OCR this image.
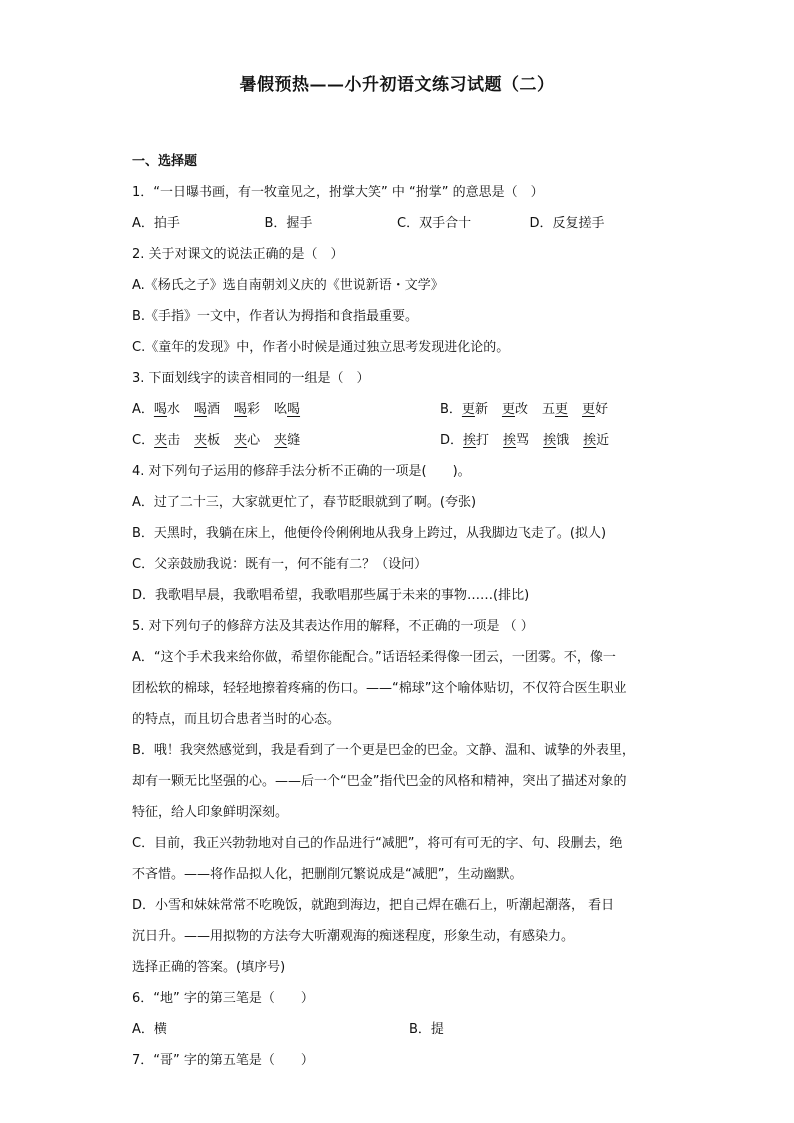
暑假预热——小升初语文练习试题（二）
一、选择题
1．“一日曝书画，有一牧童见之，拊掌大笑” 中 “拊掌” 的意思是（　）
A．拍手	B．握手	C．双手合十	D．反复搓手
2. 关于对课文的说法正确的是（　）
A.《杨氏之子》选自南朝刘义庆的《世说新语・文学》
B.《手指》一文中，作者认为拇指和食指最重要。
C.《童年的发现》中，作者小时候是通过独立思考发现进化论的。
3. 下面划线字的读音相同的一组是（　）
A．喝水 喝酒 喝彩 吆喝	B．更新 更改 五更 更好
C．夹击 夹板 夹心 夹缝	D．挨打 挨骂 挨饿 挨近
4. 对下列句子运用的修辞手法分析不正确的一项是(　　)。
A．过了二十三，大家就更忙了，春节眨眼就到了啊。(夸张)
B．天黑时，我躺在床上，他便伶伶俐俐地从我身上跨过，从我脚边飞走了。(拟人)
C．父亲鼓励我说：既有一，何不能有二？（设问）
D．我歌唱早晨，我歌唱希望，我歌唱那些属于未来的事物……(排比)
5. 对下列句子的修辞方法及其表达作用的解释，不正确的一项是 （ ）
A．“这个手术我来给你做，希望你能配合。”话语轻柔得像一团云，一团雾。不，像一
团松软的棉球，轻轻地擦着疼痛的伤口。——“棉球”这个喻体贴切，不仅符合医生职业
的特点，而且切合患者当时的心态。
B．哦！我突然感觉到，我是看到了一个更是巴金的巴金。文静、温和、诚挚的外表里，
却有一颗无比坚强的心。——后一个“巴金”指代巴金的风格和精神，突出了描述对象的
特征，给人印象鲜明深刻。
C．目前，我正兴勃勃地对自己的作品进行“减肥”，将可有可无的字、句、段删去，绝
不吝惜。——将作品拟人化，把删削冗繁说成是“减肥”，生动幽默。
D．小雪和妹妹常常不吃晚饭，就跑到海边，把自己焊在礁石上，听潮起潮落， 看日
沉日升。——用拟物的方法夸大听潮观海的痴迷程度，形象生动，有感染力。
选择正确的答案。(填序号)
6．“地” 字的第三笔是（　　）
A．横	B．提
7．“哥” 字的第五笔是（　　）
